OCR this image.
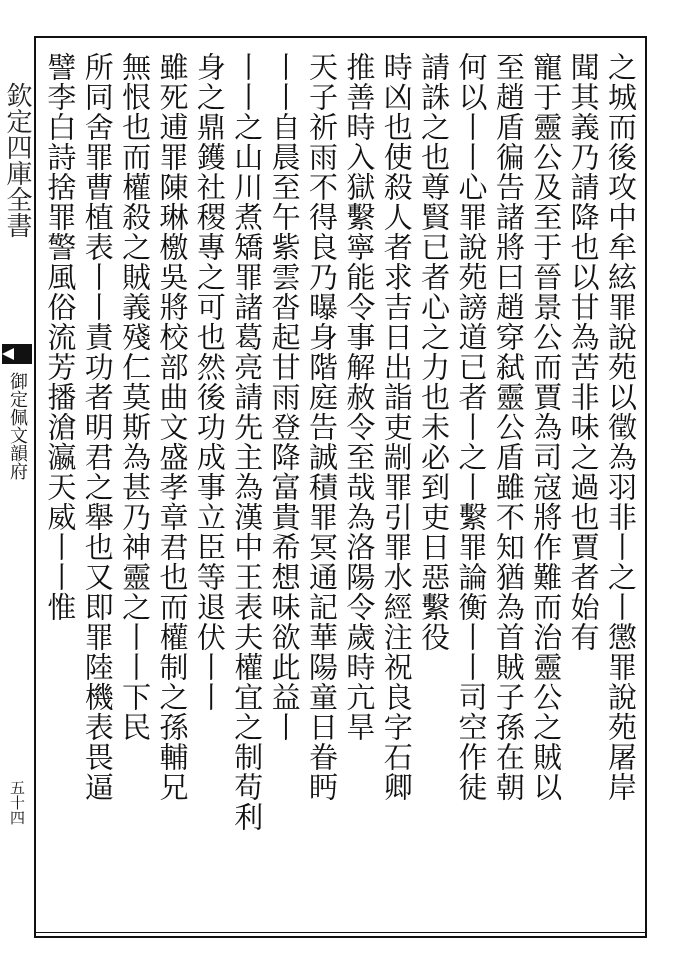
欽定四庫全書
御定佩文韻府
五十四
之城而後攻中牟絃罪說苑以徵為羽非丨之丨懲罪說苑屠岸
聞其義乃請降也以甘為苦非味之過也賈者始有
寵于靈公及至于晉景公而賈為司寇將作難而治靈公之賊以
至趙盾徧告諸將曰趙穿弑靈公盾雖不知猶為首賊子孫在朝
何以丨丨心罪說苑謗道已者丨之丨繫罪論衡丨丨司空作徒
請誅之也尊賢已者心之力也未必到吏日惡繫役
時凶也使殺人者求吉日出詣吏剬罪引罪水經注祝良字石卿
推善時入獄繫寧能令事解赦令至哉為洛陽令歲時亢旱
天子祈雨不得良乃曝身階庭告誠積罪冥通記華陽童日眷眄
丨丨自晨至午紫雲沓起甘雨登降富貴希想味欲此益丨
丨丨之山川煮矯罪諸葛亮請先主為漢中王表夫權宜之制苟利
身之鼎鑊社稷專之可也然後功成事立臣等退伏丨丨
雖死逋罪陳琳檄吳將校部曲文盛孝章君也而權制之孫輔兄
無恨也而權殺之賊義殘仁莫斯為甚乃神靈之丨丨下民
所同舍罪曹植表丨丨責功者明君之舉也又即罪陸機表畏逼
譬李白詩捨罪警風俗流芳播滄瀛天威丨丨惟
